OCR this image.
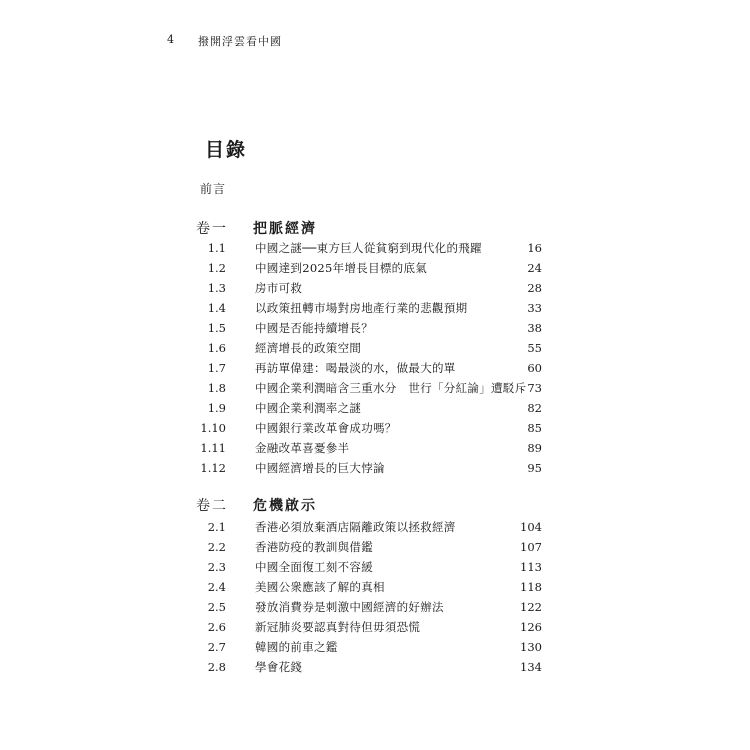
4 撥開浮雲看中國
目錄
前言
卷一 把脈經濟
1.1	中國之謎──東方巨人從貧窮到現代化的飛躍	16
1.2	中國達到2025年增長目標的底氣	24
1.3	房市可救	28
1.4	以政策扭轉市場對房地產行業的悲觀預期	33
1.5	中國是否能持續增長？	38
1.6	經濟增長的政策空間	55
1.7	再訪單偉建：喝最淡的水，做最大的單	60
1.8	中國企業利潤暗含三重水分　世行「分紅論」遭駁斥 73
1.9	中國企業利潤率之謎	82
1.10	中國銀行業改革會成功嗎？	85
1.11	金融改革喜憂參半	89
1.12	中國經濟增長的巨大悖論	95
卷二 危機啟示
2.1	香港必須放棄酒店隔離政策以拯救經濟	104
2.2	香港防疫的教訓與借鑑	107
2.3	中國全面復工刻不容緩	113
2.4	美國公衆應該了解的真相	118
2.5	發放消費券是刺激中國經濟的好辦法	122
2.6	新冠肺炎要認真對待但毋須恐慌	126
2.7	韓國的前車之鑑	130
2.8	學會花錢	134
